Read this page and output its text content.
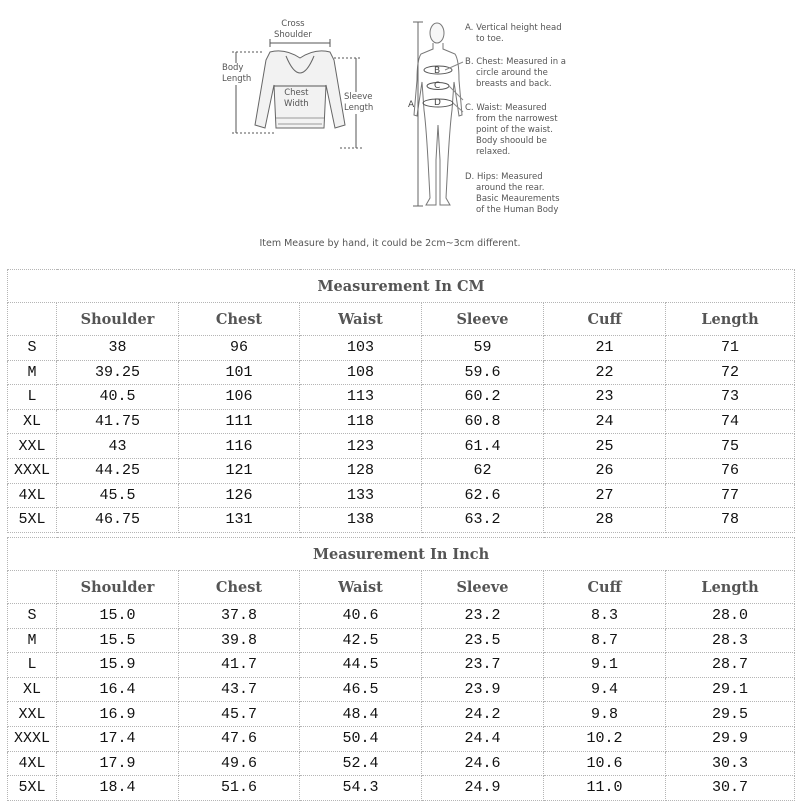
Cross
Shoulder
Body
Length
Chest
Width
Sleeve
Length	A
B
C
D
A. Vertical height head
to toe.
B. Chest: Measured in a
circle around the
breasts and back.
C. Waist: Measured
from the narrowest
point of the waist.
Body shoould be
relaxed.
D. Hips: Measured
around the rear.
Basic Meaurements
of the Human Body
Item Measure by hand, it could be 2cm~3cm different.
Measurement In CM						
	Shoulder	Chest	Waist	Sleeve	Cuff	Length
S	38	96	103	59	21	71
M	39.25	101	108	59.6	22	72
L	40.5	106	113	60.2	23	73
XL	41.75	111	118	60.8	24	74
XXL	43	116	123	61.4	25	75
XXXL	44.25	121	128	62	26	76
4XL	45.5	126	133	62.6	27	77
5XL	46.75	131	138	63.2	28	78
Measurement In Inch						
	Shoulder	Chest	Waist	Sleeve	Cuff	Length
S	15.0	37.8	40.6	23.2	8.3	28.0
M	15.5	39.8	42.5	23.5	8.7	28.3
L	15.9	41.7	44.5	23.7	9.1	28.7
XL	16.4	43.7	46.5	23.9	9.4	29.1
XXL	16.9	45.7	48.4	24.2	9.8	29.5
XXXL	17.4	47.6	50.4	24.4	10.2	29.9
4XL	17.9	49.6	52.4	24.6	10.6	30.3
5XL	18.4	51.6	54.3	24.9	11.0	30.7
